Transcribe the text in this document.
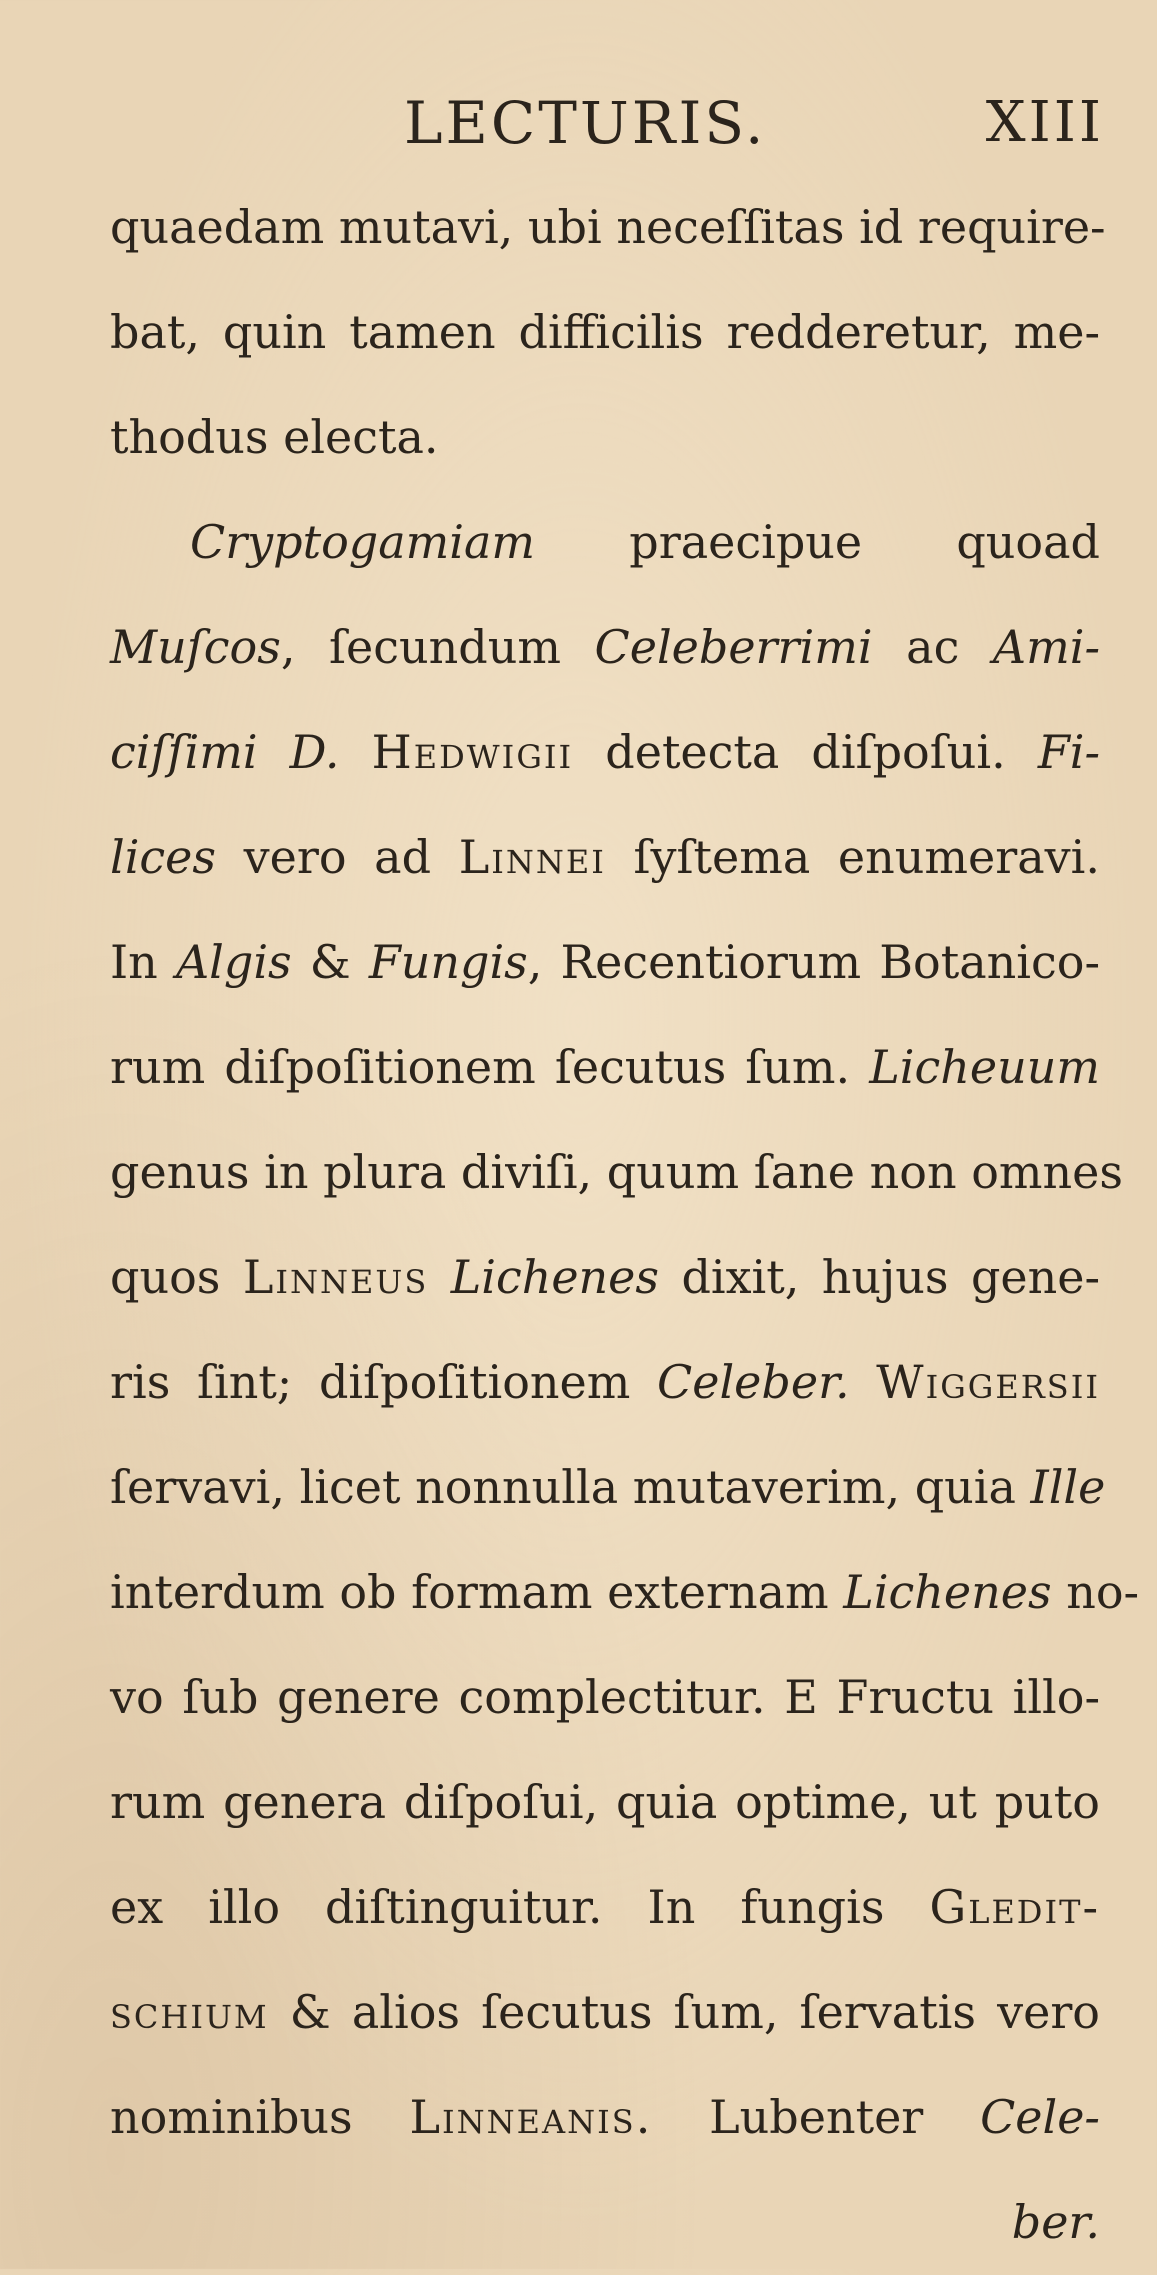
LECTURIS.	XIII
quaedam mutavi, ubi neceſſitas id require-
bat, quin tamen difficilis redderetur, me-
thodus electa.
Cryptogamiam praecipue quoad
Muſcos, ſecundum Celeberrimi ac Ami-
ciſſimi D. Hedwigii detecta diſpoſui. Fi-
lices vero ad Linnei ſyſtema enumeravi.
In Algis & Fungis, Recentiorum Botanico-
rum diſpoſitionem ſecutus ſum. Licheuum
genus in plura diviſi, quum ſane non omnes
quos Linneus Lichenes dixit, hujus gene-
ris ſint; diſpoſitionem Celeber. Wiggersii
ſervavi, licet nonnulla mutaverim, quia Ille
interdum ob formam externam Lichenes no-
vo ſub genere complectitur. E Fructu illo-
rum genera diſpoſui, quia optime, ut puto
ex illo diſtinguitur. In fungis Gledit-
schium & alios ſecutus ſum, ſervatis vero
nominibus Linneanis. Lubenter Cele-
ber.
